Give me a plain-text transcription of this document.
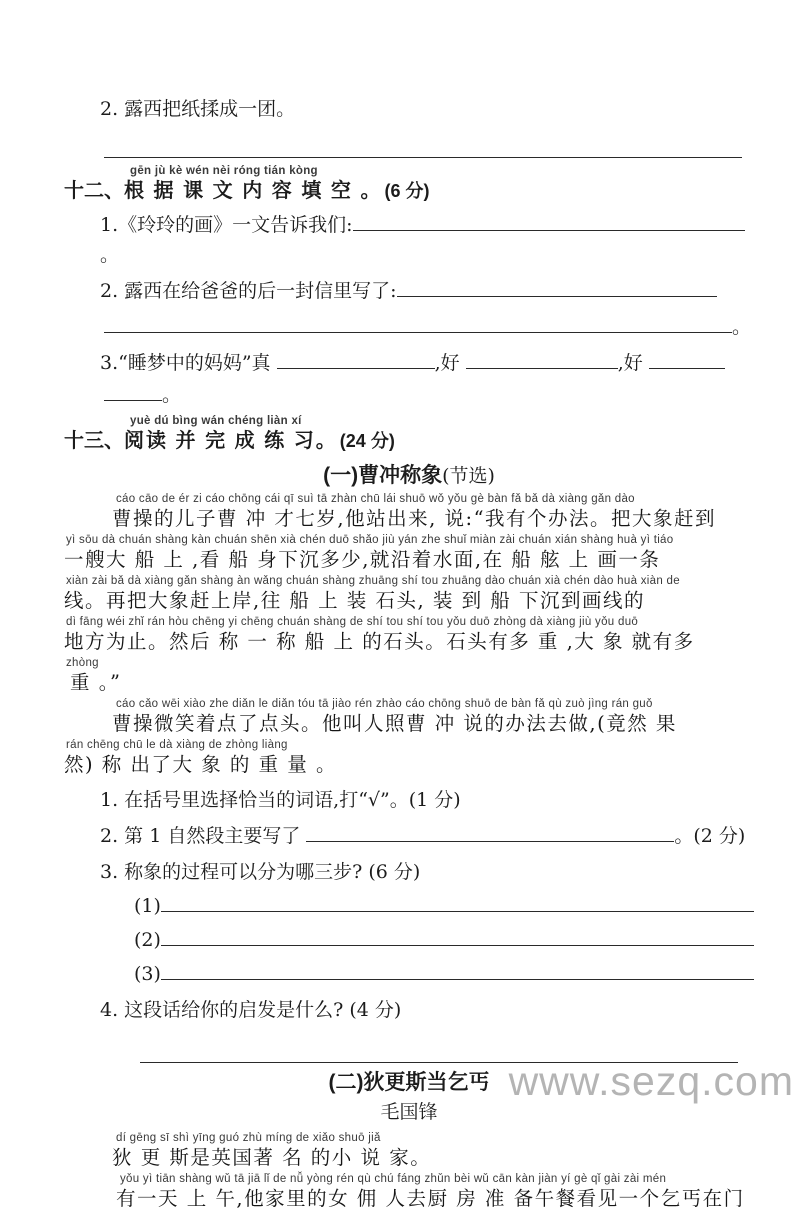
2. 露西把纸揉成一团。
十二、
gēn jù kè wén nèi róng tián kòng
根 据 课 文 内 容 填 空 。 (6 分)
1.《玲玲的画》一文告诉我们:。
2. 露西在给爸爸的后一封信里写了:
。
3.“睡梦中的妈妈”真	,好	,好
。
十三、
yuè dú bìng wán chéng liàn xí
阅读 并 完 成 练 习。 (24 分)
(一)曹冲称象(节选)
cáo cāo de ér zi cáo chōng cái qī suì tā zhàn chū lái shuō wǒ yǒu gè bàn fǎ bǎ dà xiàng gǎn dào
曹操的儿子曹 冲 才七岁,他站出来, 说:“我有个办法。把大象赶到
yì sōu dà chuán shàng kàn chuán shēn xià chén duō shǎo jiù yán zhe shuǐ miàn zài chuán xián shàng huà yì tiáo
一艘大 船 上 ,看 船 身下沉多少,就沿着水面,在 船 舷 上 画一条
xiàn zài bǎ dà xiàng gǎn shàng àn wǎng chuán shàng zhuāng shí tou zhuāng dào chuán xià chén dào huà xiàn de
线。再把大象赶上岸,往 船 上 装 石头, 装 到 船 下沉到画线的
dì fāng wéi zhǐ rán hòu chēng yi chēng chuán shàng de shí tou shí tou yǒu duō zhòng dà xiàng jiù yǒu duō
地方为止。然后 称 一 称 船 上 的石头。石头有多 重 ,大 象 就有多
zhòng
重 。”
cáo cǎo wēi xiào zhe diǎn le diǎn tóu tā jiào rén zhào cáo chōng shuō de bàn fǎ qù zuò jìng rán guǒ
曹操微笑着点了点头。他叫人照曹 冲 说的办法去做,(竟然 果
rán chēng chū le dà xiàng de zhòng liàng
然) 称 出了大 象 的 重 量 。
1. 在括号里选择恰当的词语,打“√”。(1 分)
2. 第 1 自然段主要写了	。(2 分)
3. 称象的过程可以分为哪三步? (6 分)
(1)
(2)
(3)
4. 这段话给你的启发是什么? (4 分)
(二)狄更斯当乞丐
毛国锋
dí gēng sī shì yīng guó zhù míng de xiǎo shuō jiǎ
狄 更 斯是英国著 名 的小 说 家。
yǒu yì tiān shàng wǔ tā jiā lǐ de nǚ yòng rén qù chú fáng zhǔn bèi wǔ cān kàn jiàn yí gè qǐ gài zài mén
有一天 上 午,他家里的女 佣 人去厨 房 准 备午餐看见一个乞丐在门
www.sezq.com
